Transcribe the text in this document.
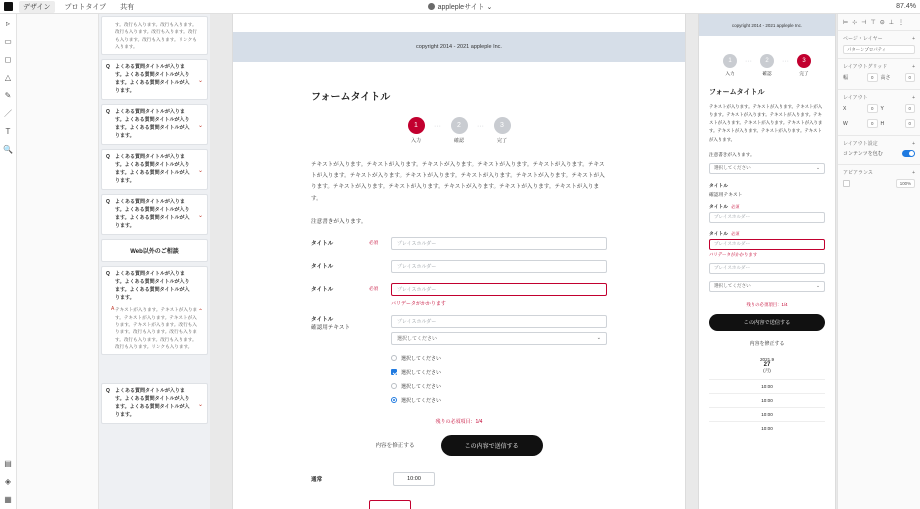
デザイン	プロトタイプ	共有	applepleサイト ⌄	87.4%
▹
▭
◻
△
✎
／
T
🔍
▤
◈
▦
す。改行も入ります。改行も入ります。改行も入ります。改行も入ります。改行も入ります。改行も入ります。リンクも入ります。
Q	よくある質問タイトルが入ります。よくある質問タイトルが入ります。よくある質問タイトルが入ります。
⌄
Q	よくある質問タイトルが入ります。よくある質問タイトルが入ります。よくある質問タイトルが入ります。
⌄
Q	よくある質問タイトルが入ります。よくある質問タイトルが入ります。よくある質問タイトルが入ります。
⌄
Q	よくある質問タイトルが入ります。よくある質問タイトルが入ります。よくある質問タイトルが入ります。
⌄
Web以外のご相談
Q	よくある質問タイトルが入ります。よくある質問タイトルが入ります。よくある質問タイトルが入ります。
⌃
A テキストが入ります。テキストが入ります。テキストが入ります。テキストが入ります。テキストが入ります。改行も入ります。改行も入ります。改行も入ります。改行も入ります。改行も入ります。改行も入ります。リンクも入ります。
Q	よくある質問タイトルが入ります。よくある質問タイトルが入ります。よくある質問タイトルが入ります。
⌄
copyright 2014 - 2021 appleple Inc.
フォームタイトル
1
入力
···	2
確認
···	3
完了
テキストが入ります。テキストが入ります。テキストが入ります。テキストが入ります。テキストが入ります。テキストが入ります。テキストが入ります。テキストが入ります。テキストが入ります。テキストが入ります。テキストが入ります。テキストが入ります。テキストが入ります。テキストが入ります。テキストが入ります。テキストが入ります。
注意書きが入ります。
タイトル	必須	プレイスホルダー
タイトル	プレイスホルダー
タイトル	必須	プレイスホルダー
バリデータがかかります
タイトル
確認用テキスト
プレイスホルダー
選択してください	⌄
選択してください
選択してください
選択してください
選択してください
残りの必須項目：1/4
内容を修正する	この内容で送信する
通常	10:00
copyright 2014 - 2021 appleple Inc.
1
入力
···	2
確認
···	3
完了
フォームタイトル
テキストが入ります。テキストが入ります。テキストが入ります。テキストが入ります。テキストが入ります。テキストが入ります。テキストが入ります。テキストが入ります。テキストが入ります。テキストが入ります。テキストが入ります。
注意書きが入ります。
選択してください	⌄
タイトル
確認用テキスト
タイトル 必須
プレイスホルダー
タイトル 必須
プレイスホルダー
バリデータがかかります
プレイスホルダー
選択してください	⌄
残りの必須項目：1/4
この内容で送信する
内容を修正する
2021.9
27
(月)
10:00
10:00
10:00
10:00
⊨ ⊹ ⊣ ⊤ ⊝ ⊥ ⋮
ページ・レイヤー	+
パターンプロパティ
レイアウトグリッド	+
幅	0	高さ	0
レイアウト	+
X	0	Y	0
W	0	H	0
レイアウト設定	+
コンテンツを包む
アピアランス	+
100%
